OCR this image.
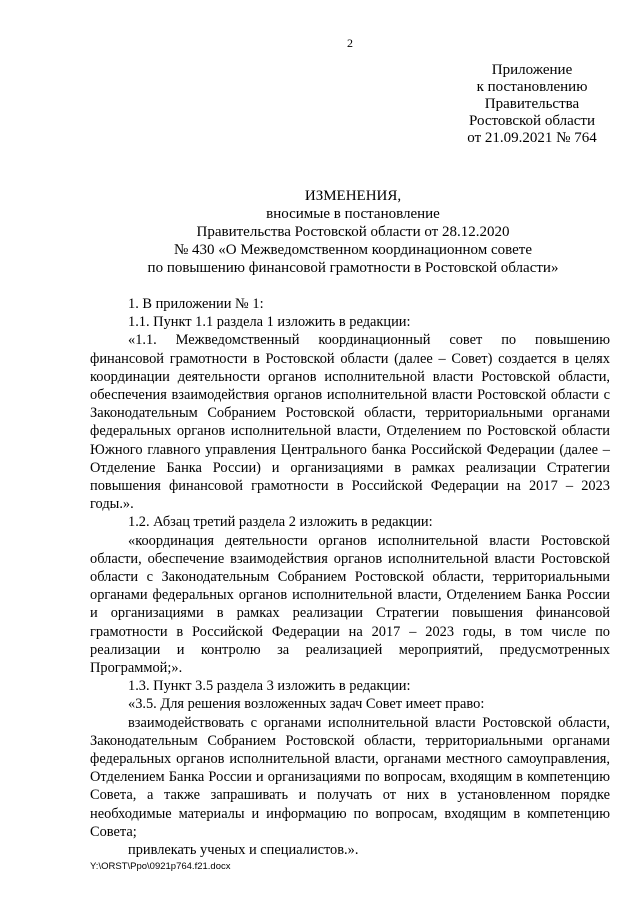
2
Приложение
к постановлению
Правительства
Ростовской области
от 21.09.2021 № 764
ИЗМЕНЕНИЯ,
вносимые в постановление
Правительства Ростовской области от 28.12.2020
№ 430 «О Межведомственном координационном совете
по повышению финансовой грамотности в Ростовской области»

1. В приложении № 1:

1.1. Пункт 1.1 раздела 1 изложить в редакции:

«1.1. Межведомственный координационный совет по повышению финансовой грамотности в Ростовской области (далее – Совет) создается в целях координации деятельности органов исполнительной власти Ростовской области, обеспечения взаимодействия органов исполнительной власти Ростовской области с Законодательным Собранием Ростовской области, территориальными органами федеральных органов исполнительной власти, Отделением по Ростовской области Южного главного управления Центрального банка Российской Федерации (далее – Отделение Банка России) и организациями в рамках реализации Стратегии повышения финансовой грамотности в Российской Федерации на 2017 – 2023 годы.».

1.2. Абзац третий раздела 2 изложить в редакции:

«координация деятельности органов исполнительной власти Ростовской области, обеспечение взаимодействия органов исполнительной власти Ростовской области с Законодательным Собранием Ростовской области, территориальными органами федеральных органов исполнительной власти, Отделением Банка России и организациями в рамках реализации Стратегии повышения финансовой грамотности в Российской Федерации на 2017 – 2023 годы, в том числе по реализации и контролю за реализацией мероприятий, предусмотренных Программой;».

1.3. Пункт 3.5 раздела 3 изложить в редакции:

«3.5. Для решения возложенных задач Совет имеет право:

взаимодействовать с органами исполнительной власти Ростовской области, Законодательным Собранием Ростовской области, территориальными органами федеральных органов исполнительной власти, органами местного самоуправления, Отделением Банка России и организациями по вопросам, входящим в компетенцию Совета, а также запрашивать и получать от них в установленном порядке необходимые материалы и информацию по вопросам, входящим в компетенцию Совета;

привлекать ученых и специалистов.».

Y:\ORST\Ppo\0921p764.f21.docx
